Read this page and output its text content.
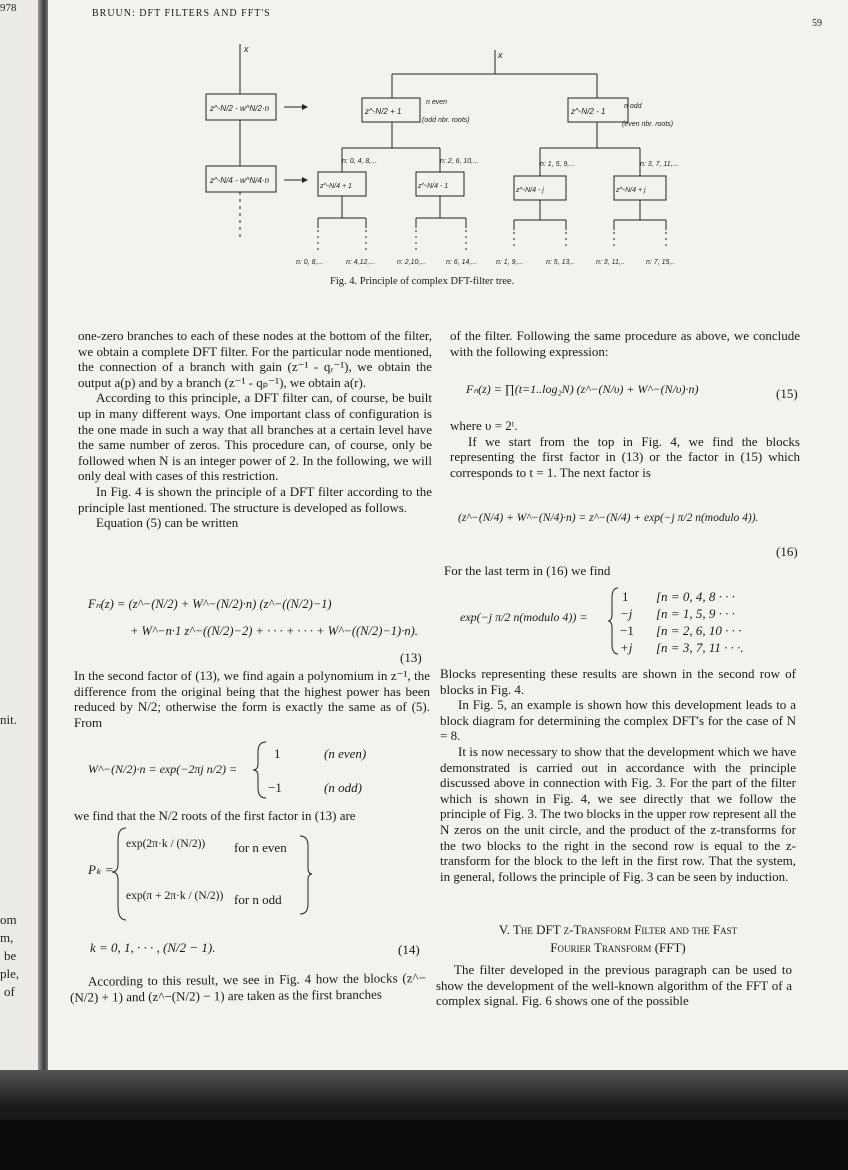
978
nit.
om
m,
be
ple,
of
BRUUN: DFT FILTERS AND FFT'S
59
x
x
z^-N/2 - w^N/2·n
z^-N/4 - w^N/4·n
z^-N/2 + 1
n even
(odd nbr. roots)
z^-N/2 - 1
n odd
(even nbr. roots)
z^-N/4 + 1	z^-N/4 - 1
z^-N/4 - j	z^-N/4 + j
n: 0, 4, 8,...	n: 2, 6, 10,...	n: 1, 5, 9,...	n: 3, 7, 11,...
n: 0, 8,...	n: 4,12,...	n: 2,10,...	n: 6, 14,...	n: 1, 9,...	n: 5, 13,..	n: 3, 11,..	n: 7, 15,..
Fig. 4. Principle of complex DFT-filter tree.

one-zero branches to each of these nodes at the bottom of the filter, we obtain a complete DFT filter. For the particular node mentioned, the connection of a branch with gain (z⁻¹ - qᵣ⁻¹), we obtain the output a(p) and by a branch (z⁻¹ - qₚ⁻¹), we obtain a(r).

According to this principle, a DFT filter can, of course, be built up in many different ways. One important class of configuration is the one made in such a way that all branches at a certain level have the same number of zeros. This procedure can, of course, only be followed when N is an integer power of 2. In the following, we will only deal with cases of this restriction.

In Fig. 4 is shown the principle of a DFT filter according to the principle last mentioned. The structure is developed as follows.

Equation (5) can be written

Fₙ(z) = (z^−(N/2) + W^−(N/2)·n) (z^−((N/2)−1)
+ W^−n·1 z^−((N/2)−2) + · · · + · · · + W^−((N/2)−1)·n).
(13)

In the second factor of (13), we find again a polynomium in z⁻¹, the difference from the original being that the highest power has been reduced by N/2; otherwise the form is exactly the same as of (5). From

W^−(N/2)·n = exp(−2πj n/2) =
1	(n even)
−1	(n odd)

we find that the N/2 roots of the first factor in (13) are

Pₖ =
exp(2π·k / (N/2)) for n even
exp(π + 2π·k / (N/2)) for n odd
k = 0, 1, · · · , (N/2 − 1).	(14)

According to this result, we see in Fig. 4 how the blocks (z^−(N/2) + 1) and (z^−(N/2) − 1) are taken as the first branches

of the filter. Following the same procedure as above, we conclude with the following expression:

Fₙ(z) = ∏(t=1..log₂N) (z^−(N/υ) + W^−(N/υ)·n)	(15)

where υ = 2ᵗ.

If we start from the top in Fig. 4, we find the blocks representing the first factor in (13) or the factor in (15) which corresponds to t = 1. The next factor is

(z^−(N/4) + W^−(N/4)·n) = z^−(N/4) + exp(−j π/2 n(modulo 4)).
(16)

For the last term in (16) we find

exp(−j π/2 n(modulo 4)) =
1 [n = 0, 4, 8 · · ·
−j [n = 1, 5, 9 · · ·
−1 [n = 2, 6, 10 · · ·
+j [n = 3, 7, 11 · · ·.

Blocks representing these results are shown in the second row of blocks in Fig. 4.

In Fig. 5, an example is shown how this development leads to a block diagram for determining the complex DFT's for the case of N = 8.

It is now necessary to show that the development which we have demonstrated is carried out in accordance with the principle discussed above in connection with Fig. 3. For the part of the filter which is shown in Fig. 4, we see directly that we follow the principle of Fig. 3. The two blocks in the upper row represent all the N zeros on the unit circle, and the product of the z-transforms for the two blocks to the right in the second row is equal to the z-transform for the block to the left in the first row. That the system, in general, follows the principle of Fig. 3 can be seen by induction.

V. The DFT z-Transform Filter and the Fast
Fourier Transform (FFT)

The filter developed in the previous paragraph can be used to show the development of the well-known algorithm of the FFT of a complex signal. Fig. 6 shows one of the possible
